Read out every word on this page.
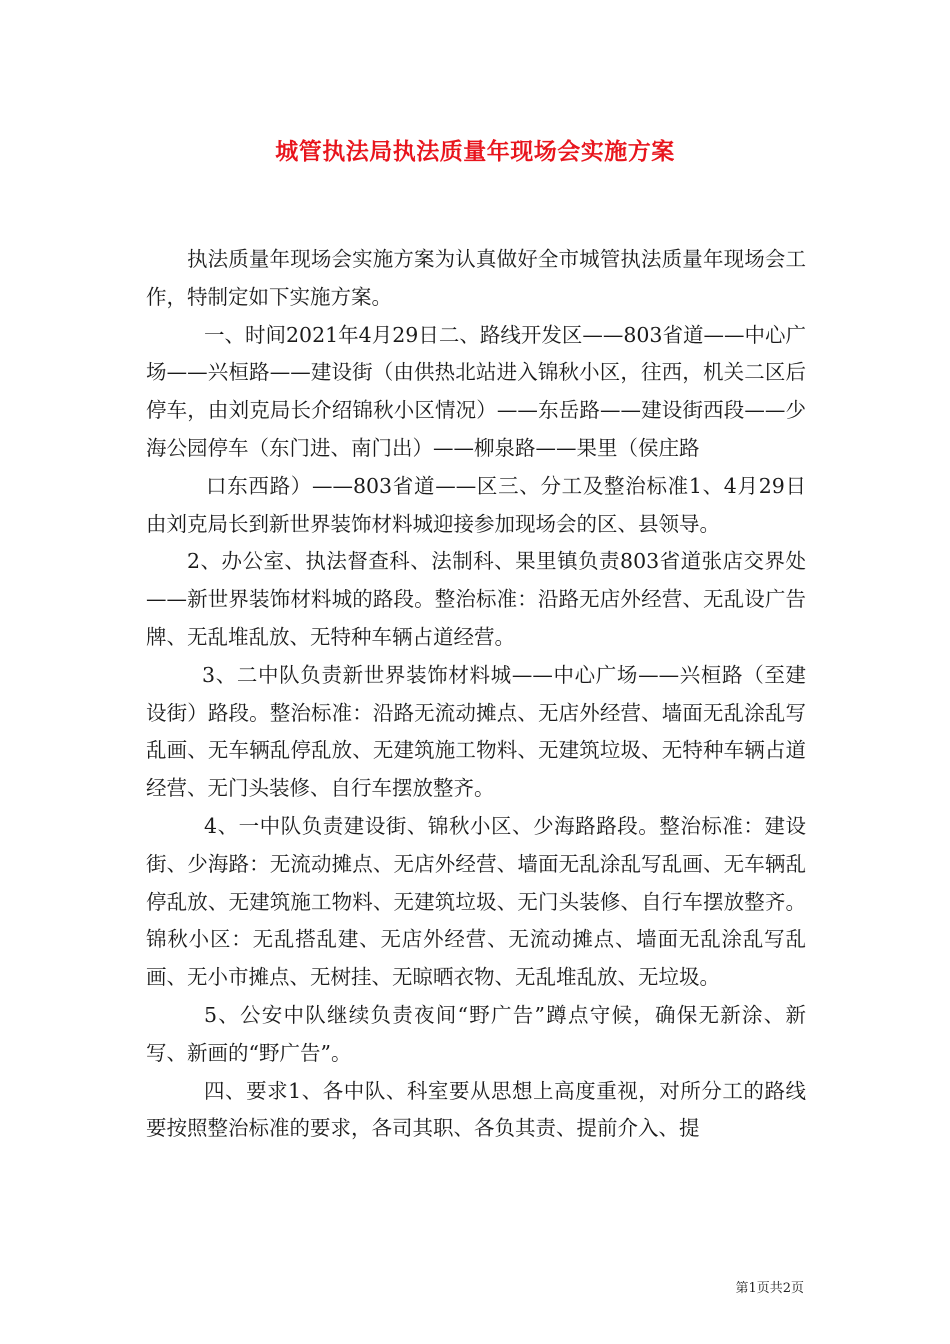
城管执法局执法质量年现场会实施方案

执法质量年现场会实施方案为认真做好全市城管执法质量年现场会工作，特制定如下实施方案。

一、时间2021年4月29日二、路线开发区——803省道——中心广场——兴桓路——建设街（由供热北站进入锦秋小区，往西，机关二区后停车，由刘克局长介绍锦秋小区情况）——东岳路——建设街西段——少海公园停车（东门进、南门出）——柳泉路——果里（侯庄路

口东西路）——803省道——区三、分工及整治标准1、4月29日由刘克局长到新世界装饰材料城迎接参加现场会的区、县领导。

2、办公室、执法督查科、法制科、果里镇负责803省道张店交界处——新世界装饰材料城的路段。整治标准：沿路无店外经营、无乱设广告牌、无乱堆乱放、无特种车辆占道经营。

3、二中队负责新世界装饰材料城——中心广场——兴桓路（至建设街）路段。整治标准：沿路无流动摊点、无店外经营、墙面无乱涂乱写乱画、无车辆乱停乱放、无建筑施工物料、无建筑垃圾、无特种车辆占道经营、无门头装修、自行车摆放整齐。

4、一中队负责建设街、锦秋小区、少海路路段。整治标准：建设街、少海路：无流动摊点、无店外经营、墙面无乱涂乱写乱画、无车辆乱停乱放、无建筑施工物料、无建筑垃圾、无门头装修、自行车摆放整齐。锦秋小区：无乱搭乱建、无店外经营、无流动摊点、墙面无乱涂乱写乱画、无小市摊点、无树挂、无晾晒衣物、无乱堆乱放、无垃圾。

5、公安中队继续负责夜间“野广告”蹲点守候，确保无新涂、新写、新画的“野广告”。

四、要求1、各中队、科室要从思想上高度重视，对所分工的路线要按照整治标准的要求，各司其职、各负其责、提前介入、提

第1页共2页
